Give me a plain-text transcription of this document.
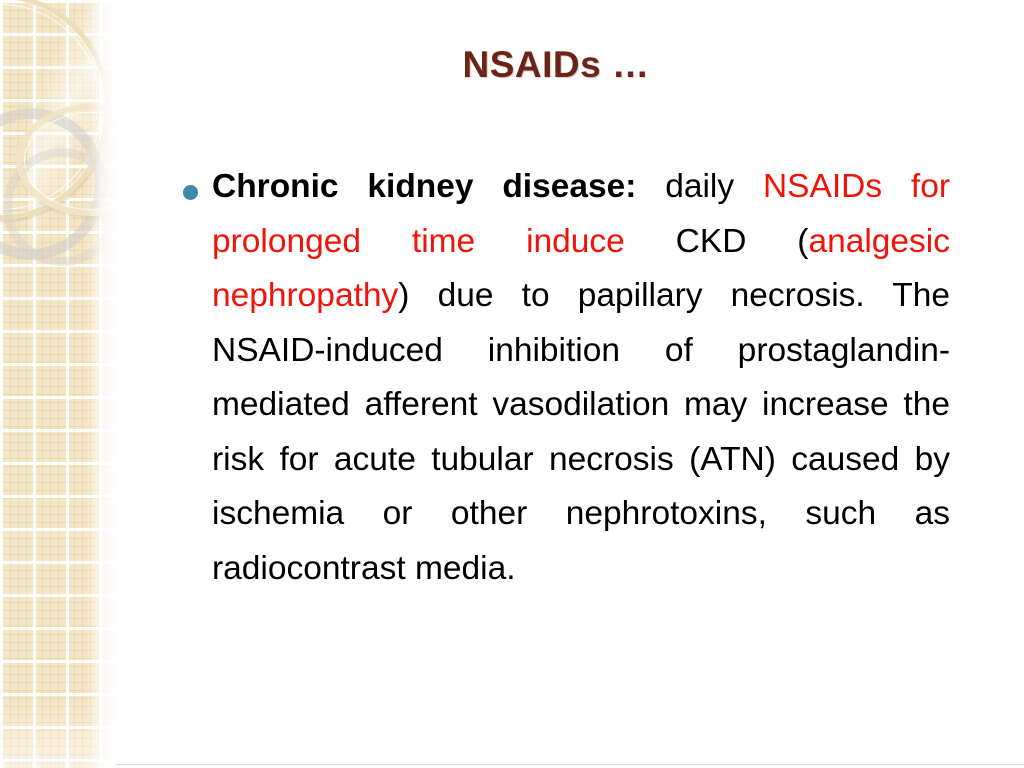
NSAIDs …
Chronic kidney disease: daily NSAIDs for prolonged time induce CKD (analgesic nephropathy) due to papillary necrosis. The NSAID-induced inhibition of prostaglandin-mediated afferent vasodilation may increase the risk for acute tubular necrosis (ATN) caused by ischemia or other nephrotoxins, such as radiocontrast media.
